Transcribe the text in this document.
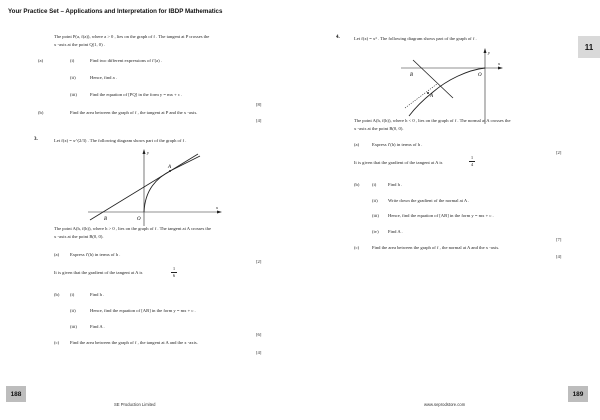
Your Practice Set – Applications and Interpretation for IBDP Mathematics
11
The point P(a, f(a)), where a > 0 , lies on the graph of f . The tangent at P crosses the
x -axis at the point Q(1, 0) .
(a)	(i)	Find two different expressions of f′(a) .
(ii)	Hence, find a .
(iii)	Find the equation of [PQ] in the form y = mx + c .
[8]
(b)	Find the area between the graph of f , the tangent at P and the x -axis.
[4]
3.	Let f(x) = x^(2/3) . The following diagram shows part of the graph of f .
A
B	O
y
x
The point A(h, f(h)), where h > 0 , lies on the graph of f . The tangent at A crosses the
x -axis at the point B(0, 0).
(a) Express f′(h) in terms of h .
[2]
It is given that the gradient of the tangent at A is
1
6
(b) (i)	Find h .
(ii)	Hence, find the equation of [AB] in the form y = mx + c .
(iii)	Find A .
[6]
(c) Find the area between the graph of f , the tangent at A and the x -axis.
[4]
4.	Let f(x) = x³ . The following diagram shows part of the graph of f .
A
B	O
y
x
The point A(h, f(h)), where h < 0 , lies on the graph of f . The normal at A crosses the
x -axis at the point B(0, 0).
(a)	Express f′(h) in terms of h .
[2]
It is given that the gradient of the tangent at A is
1
4
(b)	(i)	Find h .
(ii) Write down the gradient of the normal at A .
(iii) Hence, find the equation of [AB] in the form y = mx + c .
(iv) Find A .
[7]
(c)	Find the area between the graph of f , the normal at A and the x -axis.
[4]
188
SE Production Limited	www.seprodstore.com
189
